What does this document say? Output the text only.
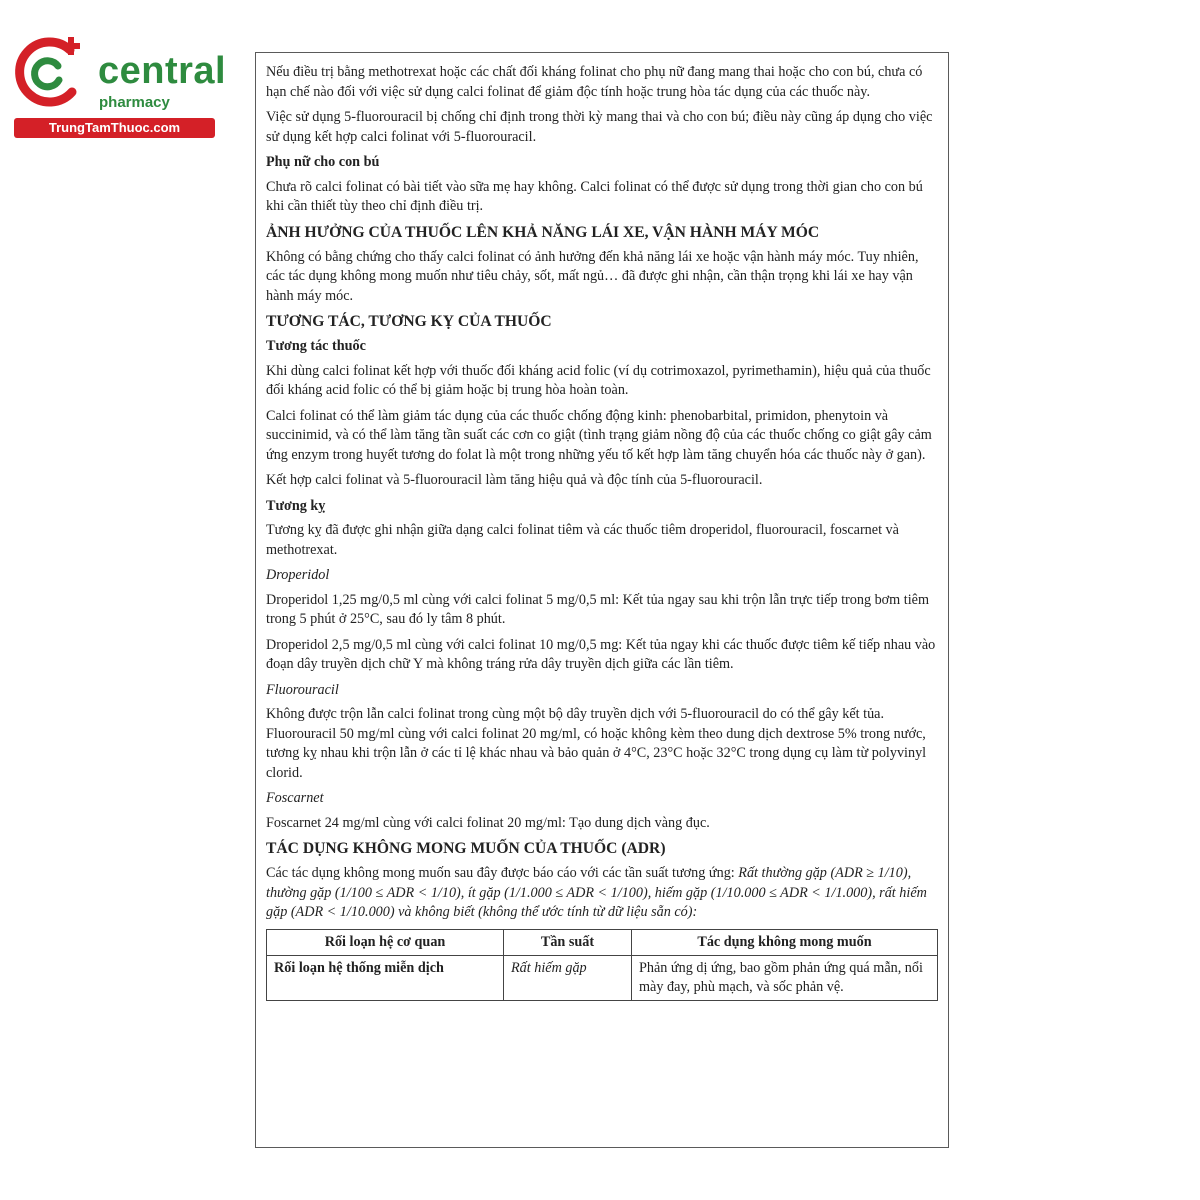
central
pharmacy
TrungTamThuoc.com

Nếu điều trị bằng methotrexat hoặc các chất đối kháng folinat cho phụ nữ đang mang thai hoặc cho con bú, chưa có hạn chế nào đối với việc sử dụng calci folinat để giảm độc tính hoặc trung hòa tác dụng của các thuốc này.

Việc sử dụng 5-fluorouracil bị chống chỉ định trong thời kỳ mang thai và cho con bú; điều này cũng áp dụng cho việc sử dụng kết hợp calci folinat với 5-fluorouracil.

Phụ nữ cho con bú

Chưa rõ calci folinat có bài tiết vào sữa mẹ hay không. Calci folinat có thể được sử dụng trong thời gian cho con bú khi cần thiết tùy theo chỉ định điều trị.

ẢNH HƯỞNG CỦA THUỐC LÊN KHẢ NĂNG LÁI XE, VẬN HÀNH MÁY MÓC

Không có bằng chứng cho thấy calci folinat có ảnh hưởng đến khả năng lái xe hoặc vận hành máy móc. Tuy nhiên, các tác dụng không mong muốn như tiêu chảy, sốt, mất ngủ… đã được ghi nhận, cần thận trọng khi lái xe hay vận hành máy móc.

TƯƠNG TÁC, TƯƠNG KỴ CỦA THUỐC
Tương tác thuốc

Khi dùng calci folinat kết hợp với thuốc đối kháng acid folic (ví dụ cotrimoxazol, pyrimethamin), hiệu quả của thuốc đối kháng acid folic có thể bị giảm hoặc bị trung hòa hoàn toàn.

Calci folinat có thể làm giảm tác dụng của các thuốc chống động kinh: phenobarbital, primidon, phenytoin và succinimid, và có thể làm tăng tần suất các cơn co giật (tình trạng giảm nồng độ của các thuốc chống co giật gây cảm ứng enzym trong huyết tương do folat là một trong những yếu tố kết hợp làm tăng chuyển hóa các thuốc này ở gan).

Kết hợp calci folinat và 5-fluorouracil làm tăng hiệu quả và độc tính của 5-fluorouracil.

Tương kỵ

Tương kỵ đã được ghi nhận giữa dạng calci folinat tiêm và các thuốc tiêm droperidol, fluorouracil, foscarnet và methotrexat.

Droperidol

Droperidol 1,25 mg/0,5 ml cùng với calci folinat 5 mg/0,5 ml: Kết tủa ngay sau khi trộn lẫn trực tiếp trong bơm tiêm trong 5 phút ở 25°C, sau đó ly tâm 8 phút.

Droperidol 2,5 mg/0,5 ml cùng với calci folinat 10 mg/0,5 mg: Kết tủa ngay khi các thuốc được tiêm kế tiếp nhau vào đoạn dây truyền dịch chữ Y mà không tráng rửa dây truyền dịch giữa các lần tiêm.

Fluorouracil

Không được trộn lẫn calci folinat trong cùng một bộ dây truyền dịch với 5-fluorouracil do có thể gây kết tủa. Fluorouracil 50 mg/ml cùng với calci folinat 20 mg/ml, có hoặc không kèm theo dung dịch dextrose 5% trong nước, tương kỵ nhau khi trộn lẫn ở các tỉ lệ khác nhau và bảo quản ở 4°C, 23°C hoặc 32°C trong dụng cụ làm từ polyvinyl clorid.

Foscarnet

Foscarnet 24 mg/ml cùng với calci folinat 20 mg/ml: Tạo dung dịch vàng đục.

TÁC DỤNG KHÔNG MONG MUỐN CỦA THUỐC (ADR)

Các tác dụng không mong muốn sau đây được báo cáo với các tần suất tương ứng: Rất thường gặp (ADR ≥ 1/10), thường gặp (1/100 ≤ ADR < 1/10), ít gặp (1/1.000 ≤ ADR < 1/100), hiếm gặp (1/10.000 ≤ ADR < 1/1.000), rất hiếm gặp (ADR < 1/10.000) và không biết (không thể ước tính từ dữ liệu sẵn có):

Rối loạn hệ cơ quan	Tần suất	Tác dụng không mong muốn
Rối loạn hệ thống miễn dịch	Rất hiếm gặp	Phản ứng dị ứng, bao gồm phản ứng quá mẫn, nổi mày đay, phù mạch, và sốc phản vệ.
